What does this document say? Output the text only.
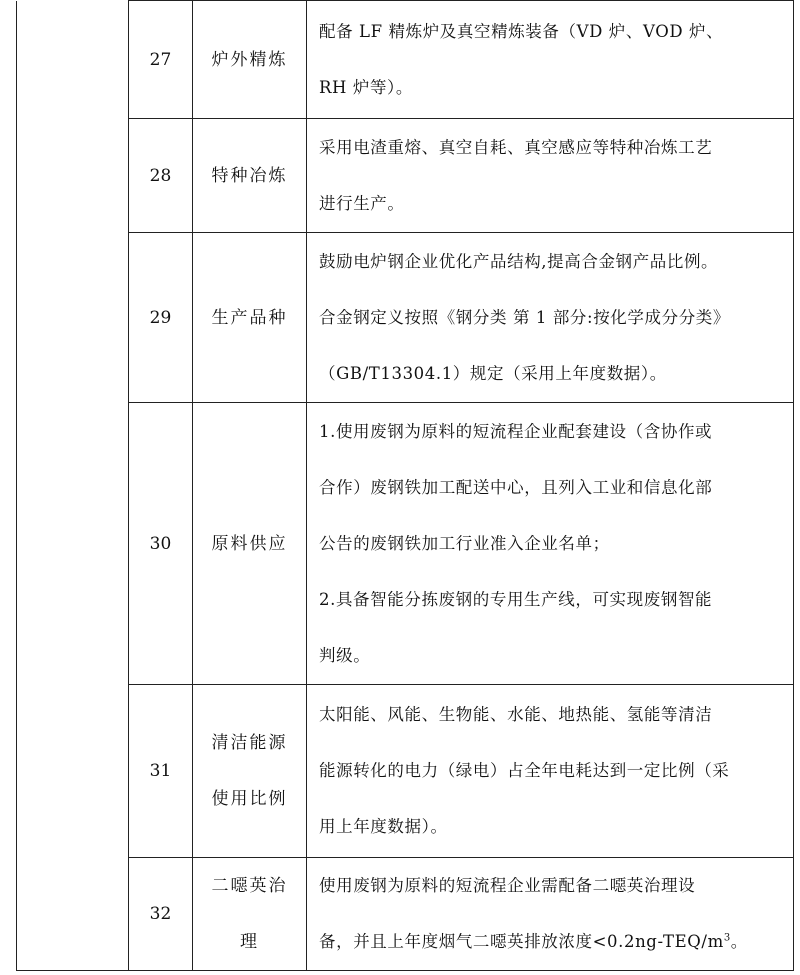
	27	炉外精炼	配备 LF 精炼炉及真空精炼装备（VD 炉、VOD 炉、
RH 炉等）。

	28	特种冶炼	采用电渣重熔、真空自耗、真空感应等特种冶炼工艺
进行生产。

	29	生产品种	鼓励电炉钢企业优化产品结构,提高合金钢产品比例。
合金钢定义按照《钢分类 第 1 部分:按化学成分分类》
（GB/T13304.1）规定（采用上年度数据）。

	30	原料供应	1.使用废钢为原料的短流程企业配套建设（含协作或
合作）废钢铁加工配送中心，且列入工业和信息化部
公告的废钢铁加工行业准入企业名单；
2.具备智能分拣废钢的专用生产线，可实现废钢智能
判级。

	31	清洁能源
使用比例	太阳能、风能、生物能、水能、地热能、氢能等清洁
能源转化的电力（绿电）占全年电耗达到一定比例（采
用上年度数据）。

	32	二噁英治
理	使用废钢为原料的短流程企业需配备二噁英治理设
备，并且上年度烟气二噁英排放浓度$<0.2ng-TEQ/m^3$。
